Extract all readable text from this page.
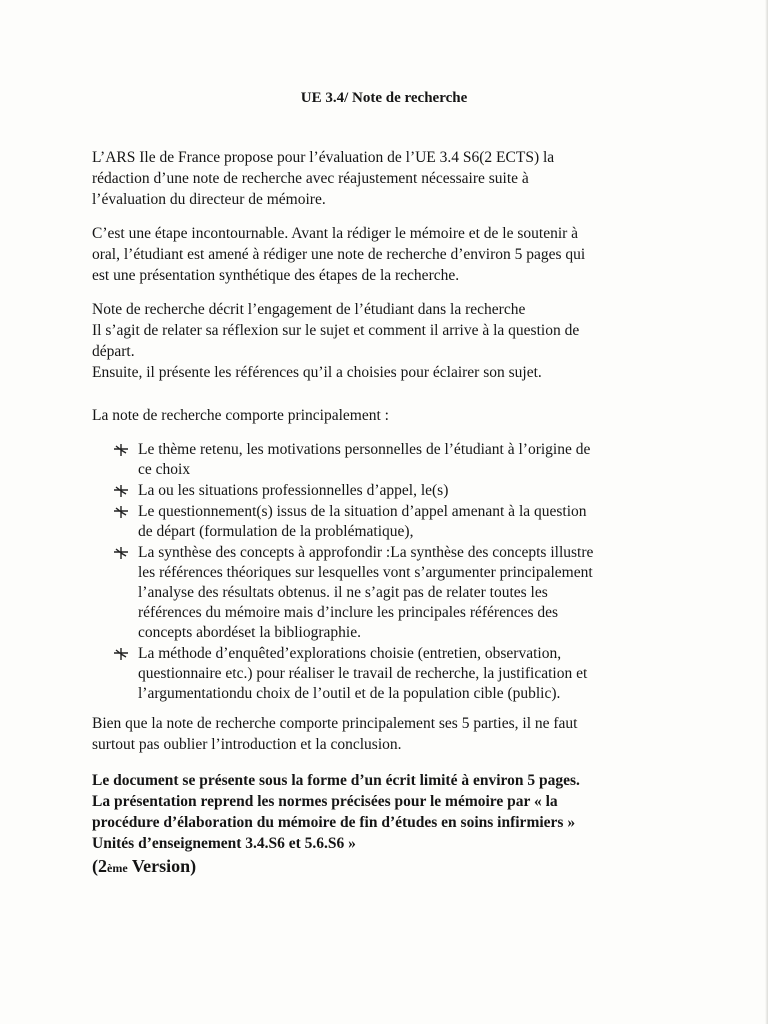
UE 3.4/ Note de recherche

L’ARS Ile de France propose pour l’évaluation de l’UE 3.4 S6(2 ECTS) la

rédaction d’une note de recherche avec réajustement nécessaire suite à

l’évaluation du directeur de mémoire.

C’est une étape incontournable. Avant la rédiger le mémoire et de le soutenir à

oral, l’étudiant est amené à rédiger une note de recherche d’environ 5 pages qui

est une présentation synthétique des étapes de la recherche.

Note de recherche décrit l’engagement de l’étudiant dans la recherche

Il s’agit de relater sa réflexion sur le sujet et comment il arrive à la question de

départ.

Ensuite, il présente les références qu’il a choisies pour éclairer son sujet.

La note de recherche comporte principalement :

Le thème retenu, les motivations personnelles de l’étudiant à l’origine de
ce choix
La ou les situations professionnelles d’appel, le(s)
Le questionnement(s) issus de la situation d’appel amenant à la question
de départ (formulation de la problématique),
La synthèse des concepts à approfondir :La synthèse des concepts illustre
les références théoriques sur lesquelles vont s’argumenter principalement
l’analyse des résultats obtenus. il ne s’agit pas de relater toutes les
références du mémoire mais d’inclure les principales références des
concepts abordéset la bibliographie.
La méthode d’enquêted’explorations choisie (entretien, observation,
questionnaire etc.) pour réaliser le travail de recherche, la justification et
l’argumentationdu choix de l’outil et de la population cible (public).

Bien que la note de recherche comporte principalement ses 5 parties, il ne faut

surtout pas oublier l’introduction et la conclusion.

Le document se présente sous la forme d’un écrit limité à environ 5 pages.

La présentation reprend les normes précisées pour le mémoire par « la

procédure d’élaboration du mémoire de fin d’études en soins infirmiers »

Unités d’enseignement 3.4.S6 et 5.6.S6 »

(2ème Version)
